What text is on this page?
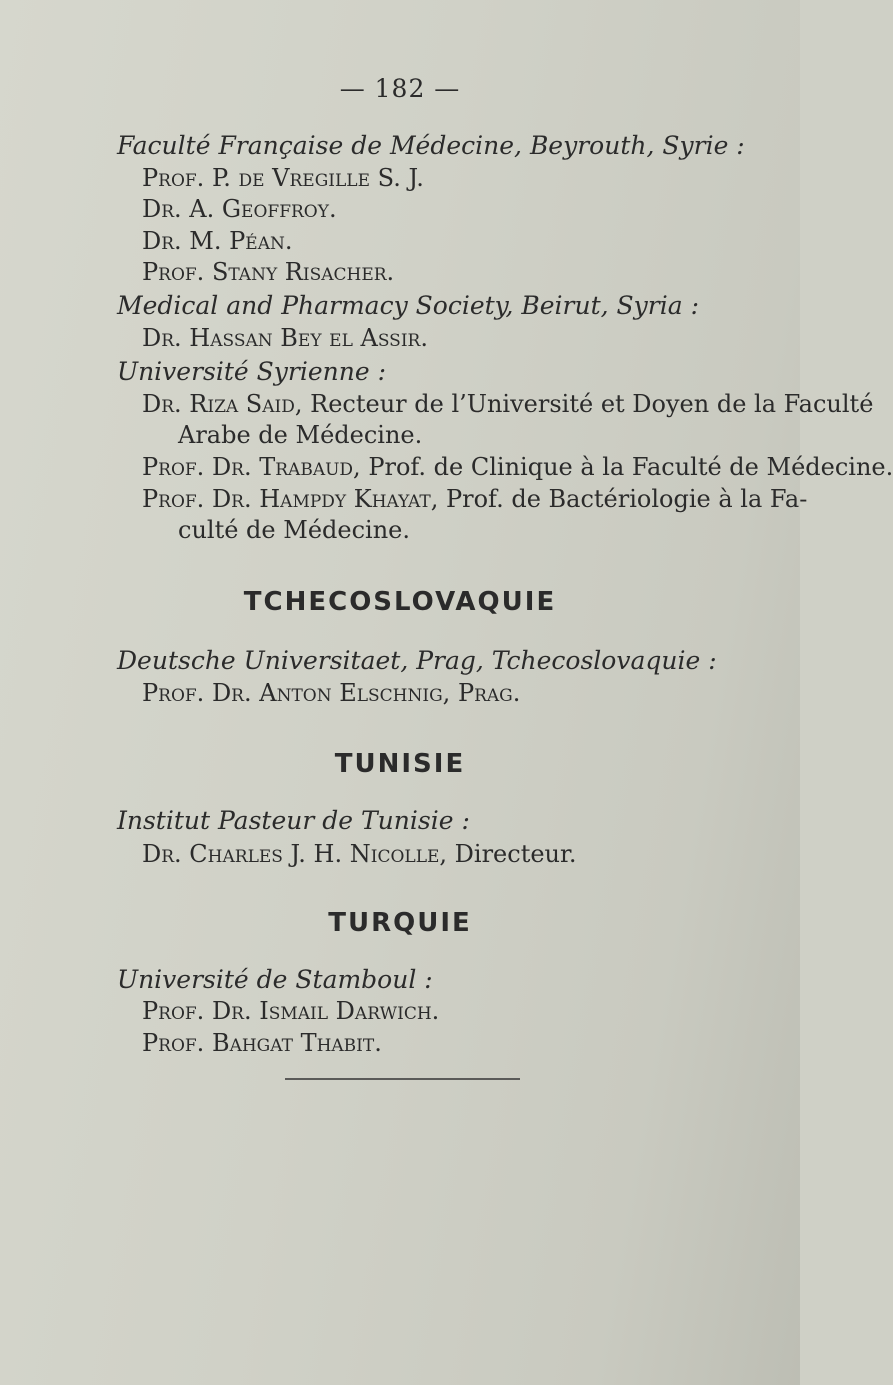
— 182 —
Faculté Française de Médecine, Beyrouth, Syrie :
Prof. P. de Vregille S. J.
Dr. A. Geoffroy.
Dr. M. Péan.
Prof. Stany Risacher.
Medical and Pharmacy Society, Beirut, Syria :
Dr. Hassan Bey el Assir.
Université Syrienne :
Dr. Riza Said, Recteur de l’Université et Doyen de la Faculté
Arabe de Médecine.
Prof. Dr. Trabaud, Prof. de Clinique à la Faculté de Médecine.
Prof. Dr. Hampdy Khayat, Prof. de Bactériologie à la Fa-
culté de Médecine.
TCHECOSLOVAQUIE
Deutsche Universitaet, Prag, Tchecoslovaquie :
Prof. Dr. Anton Elschnig, Prag.
TUNISIE
Institut Pasteur de Tunisie :
Dr. Charles J. H. Nicolle, Directeur.
TURQUIE
Université de Stamboul :
Prof. Dr. Ismail Darwich.
Prof. Bahgat Thabit.
